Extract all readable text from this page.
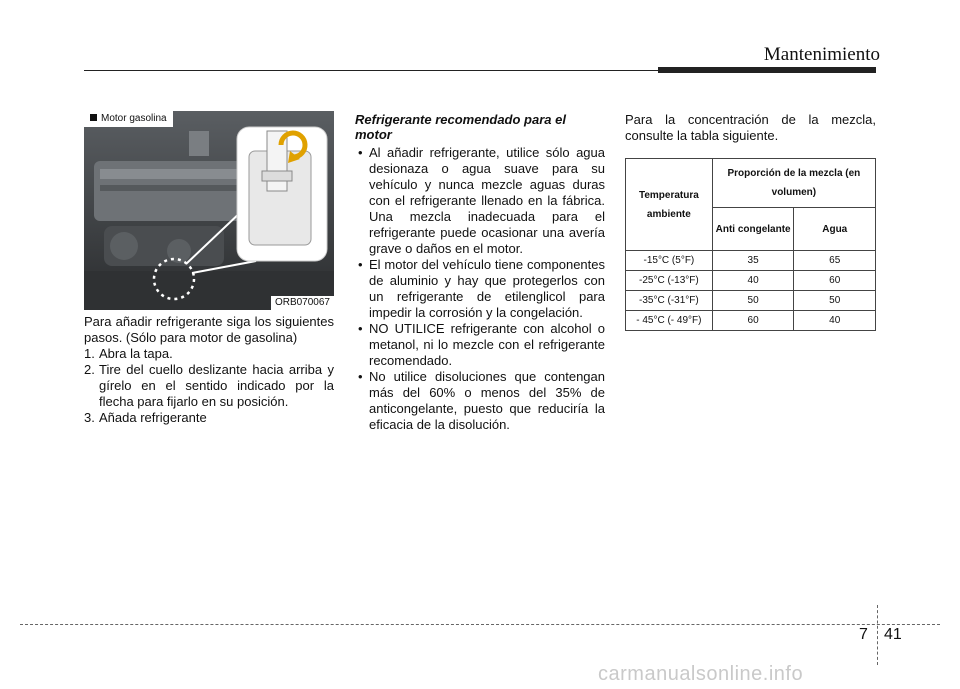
Mantenimiento
Motor gasolina
ORB070067

Para añadir refrigerante siga los siguientes pasos. (Sólo para motor de gasolina)

1. Abra la tapa.
2. Tire del cuello deslizante hacia arriba y gírelo en el sentido indicado por la flecha para fijarlo en su posición.
3. Añada refrigerante
Refrigerante recomendado para el motor
• Al añadir refrigerante, utilice sólo agua desionaza o agua suave para su vehículo y nunca mezcle aguas duras con el refrigerante llenado en la fábrica. Una mezcla inadecuada para el refrigerante puede ocasionar una avería grave o daños en el motor.
• El motor del vehículo tiene componentes de aluminio y hay que protegerlos con un refrigerante de etilenglicol para impedir la corrosión y la congelación.
• NO UTILICE refrigerante con alcohol o metanol, ni lo mezcle con el refrigerante recomendado.
• No utilice disoluciones que contengan más del 60% o menos del 35% de anticongelante, puesto que reduciría la eficacia de la disolución.

Para la concentración de la mezcla, consulte la tabla siguiente.

Temperatura ambiente	Proporción de la mezcla (en volumen)	
	Anti congelante	Agua
-15°C (5°F)	35	65
-25°C (-13°F)	40	60
-35°C (-31°F)	50	50
- 45°C (- 49°F)	60	40
7 41
carmanualsonline.info
